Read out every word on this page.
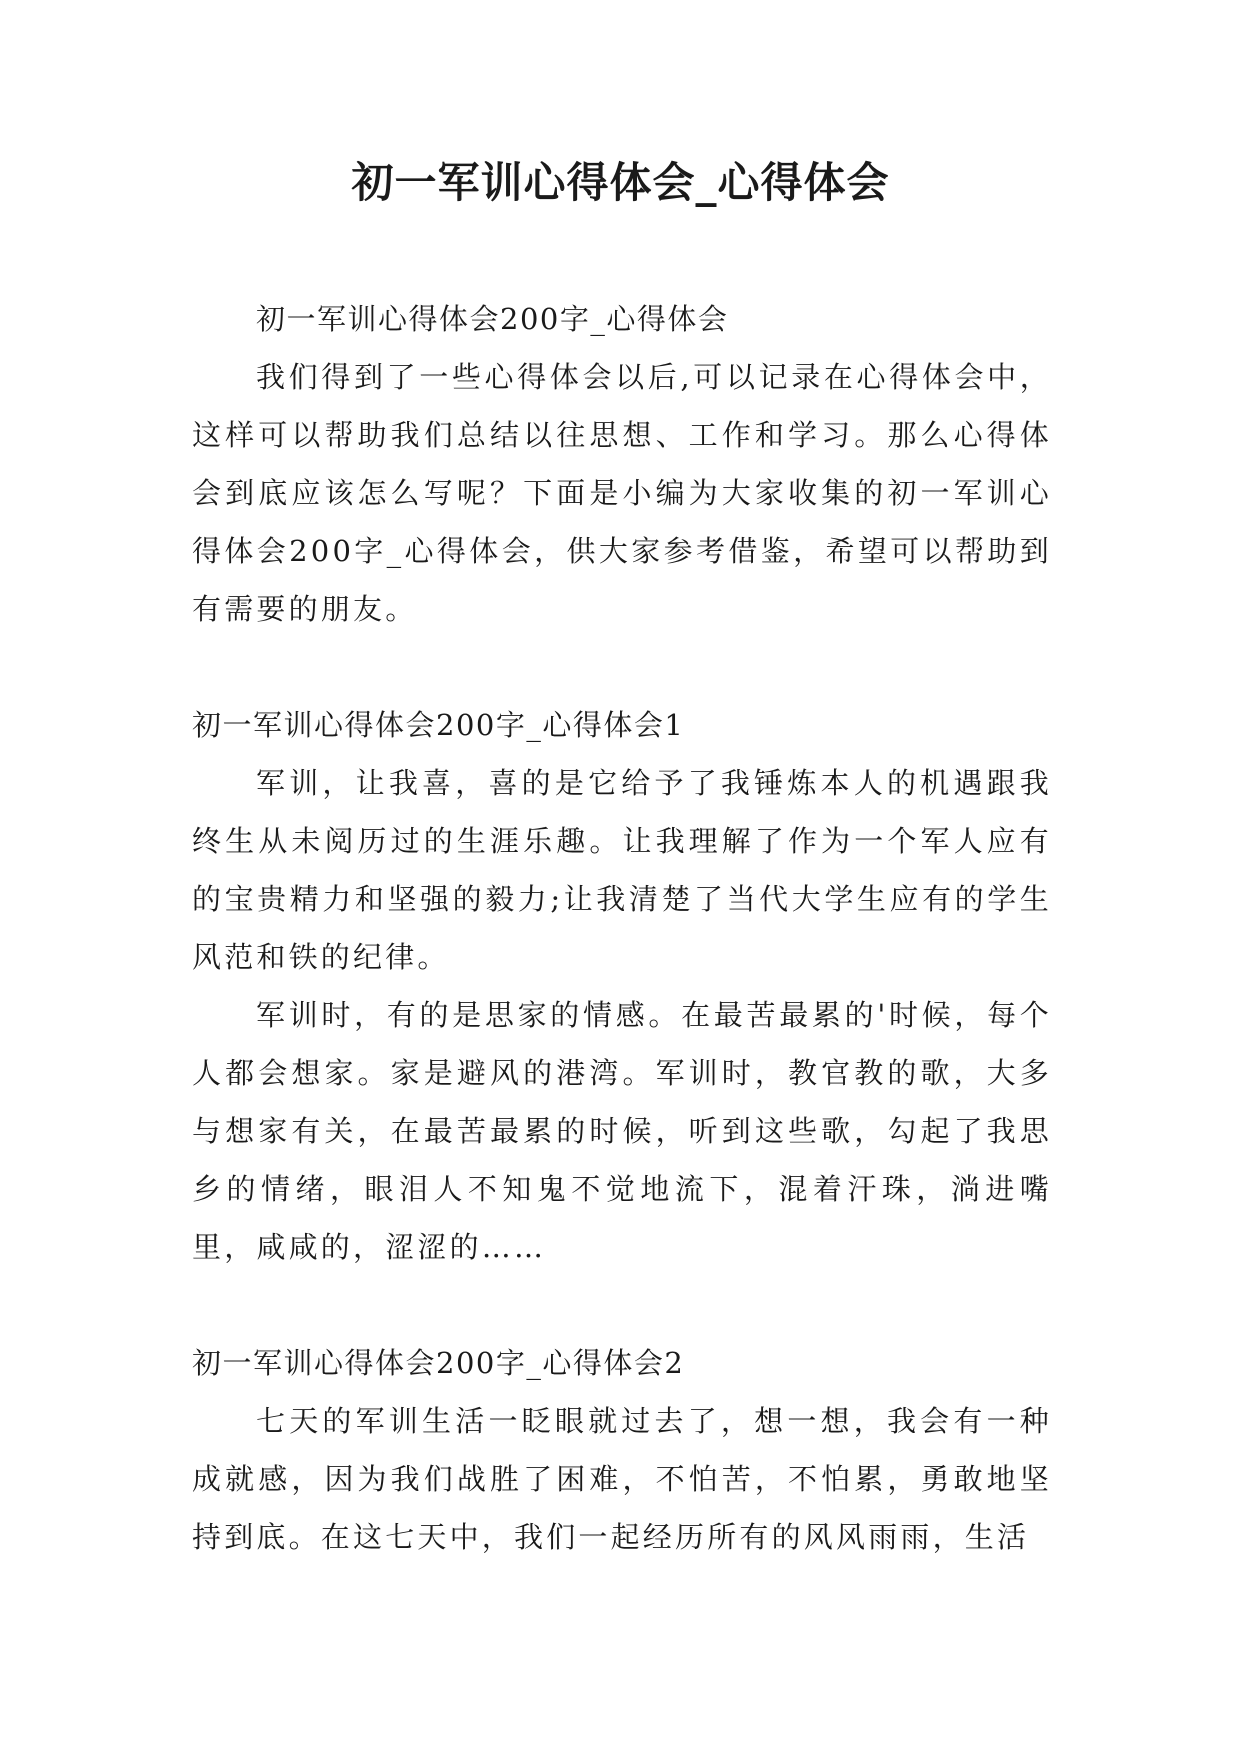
初一军训心得体会_心得体会

初一军训心得体会200字_心得体会

我们得到了一些心得体会以后,可以记录在心得体会中，这样可以帮助我们总结以往思想、工作和学习。那么心得体会到底应该怎么写呢？下面是小编为大家收集的初一军训心得体会200字_心得体会，供大家参考借鉴，希望可以帮助到有需要的朋友。

初一军训心得体会200字_心得体会1

军训，让我喜，喜的是它给予了我锤炼本人的机遇跟我终生从未阅历过的生涯乐趣。让我理解了作为一个军人应有的宝贵精力和坚强的毅力;让我清楚了当代大学生应有的学生风范和铁的纪律。

军训时，有的是思家的情感。在最苦最累的'时候，每个人都会想家。家是避风的港湾。军训时，教官教的歌，大多与想家有关，在最苦最累的时候，听到这些歌，勾起了我思乡的情绪，眼泪人不知鬼不觉地流下，混着汗珠，淌进嘴里，咸咸的，涩涩的……

初一军训心得体会200字_心得体会2

七天的军训生活一眨眼就过去了，想一想，我会有一种成就感，因为我们战胜了困难，不怕苦，不怕累，勇敢地坚持到底。在这七天中，我们一起经历所有的风风雨雨，生活
